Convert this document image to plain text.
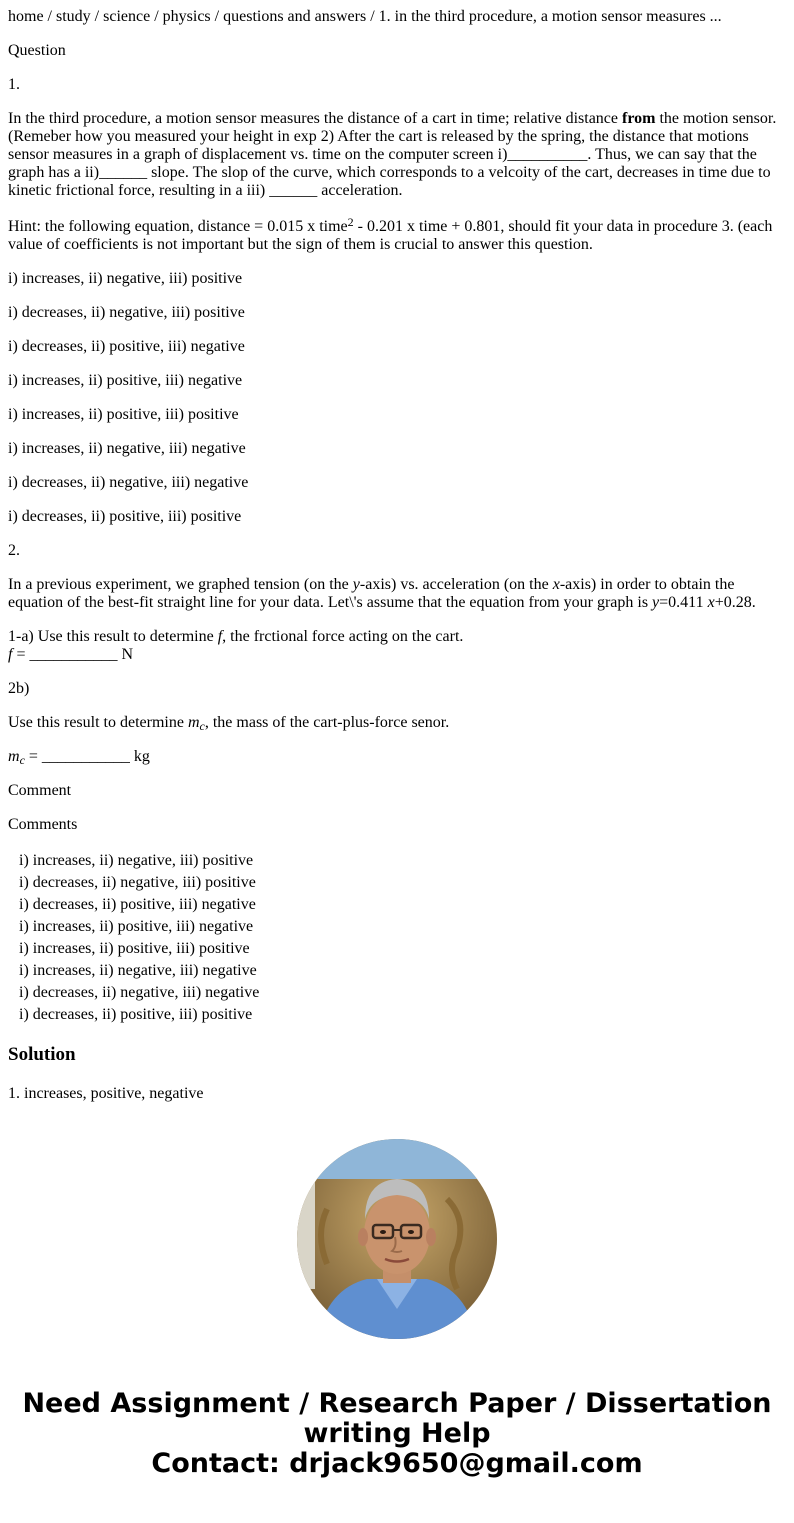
home / study / science / physics / questions and answers / 1. in the third procedure, a motion sensor measures ...

Question

1.

In the third procedure, a motion sensor measures the distance of a cart in time; relative distance from the motion sensor. (Remeber how you measured your height in exp 2) After the cart is released by the spring, the distance that motions sensor measures in a graph of displacement vs. time on the computer screen i)__________. Thus, we can say that the graph has a ii)______ slope. The slop of the curve, which corresponds to a velcoity of the cart, decreases in time due to kinetic frictional force, resulting in a iii) ______ acceleration.

Hint: the following equation, distance = 0.015 x time$^2$ - 0.201 x time + 0.801, should fit your data in procedure 3. (each value of coefficients is not important but the sign of them is crucial to answer this question.

i) increases, ii) negative, iii) positive

i) decreases, ii) negative, iii) positive

i) decreases, ii) positive, iii) negative

i) increases, ii) positive, iii) negative

i) increases, ii) positive, iii) positive

i) increases, ii) negative, iii) negative

i) decreases, ii) negative, iii) negative

i) decreases, ii) positive, iii) positive

2.

In a previous experiment, we graphed tension (on the y-axis) vs. acceleration (on the x-axis) in order to obtain the equation of the best-fit straight line for your data. Let\'s assume that the equation from your graph is y=0.411 x+0.28.

1-a) Use this result to determine f, the frctional force acting on the cart.
f = ___________ N

2b)

Use this result to determine $m_c$, the mass of the cart-plus-force senor.

$m_c$ = ___________ kg

Comment

Comments

i) increases, ii) negative, iii) positive
i) decreases, ii) negative, iii) positive
i) decreases, ii) positive, iii) negative
i) increases, ii) positive, iii) negative
i) increases, ii) positive, iii) positive
i) increases, ii) negative, iii) negative
i) decreases, ii) negative, iii) negative
i) decreases, ii) positive, iii) positive
Solution

1. increases, positive, negative

Need Assignment / Research Paper / Dissertation
writing Help
Contact: drjack9650@gmail.com
